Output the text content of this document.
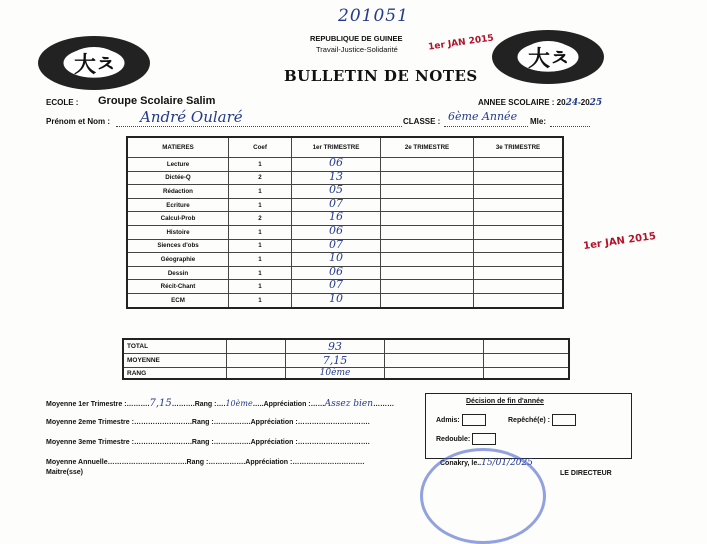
201051
大ㅊ	大ㅊ
REPUBLIQUE DE GUINEE
Travail-Justice-Solidarité	1er JAN 2015
1er JAN 2015
BULLETIN DE NOTES
ECOLE : Groupe Scolaire Salim	ANNEE SCOLAIRE : 2024-2025
Prénom et Nom : André Oularé	CLASSE : 6ème Année Mle:
MATIERES	Coef	1er TRIMESTRE	2e TRIMESTRE	3e TRIMESTRE
Lecture	1	06		

Dictée-Q	2	13		

Rédaction	1	05		

Ecriture	1	07		

Calcul-Prob	2	16		

Histoire	1	06		

Siences d'obs	1	07		

Géographie	1	10		

Dessin	1	06		

Récit-Chant	1	07		

ECM	1	10		

TOTAL		93		
MOYENNE		7,15		
RANG		10ème		
Moyenne 1er Trimestre :……….7,15……….Rang :….10ème…..Appréciation :……Assez bien………
Moyenne 2eme Trimestre :…………………….Rang :…………….Appréciation :………………………….
Moyenne 3eme Trimestre :…………………….Rang :…………….Appréciation :………………………….
Moyenne Annuelle…………………………….Rang :…………….Appréciation :………………………….
Maitre(sse)
Décision de fin d'année
Admis:	Repêché(e) :
Redouble:
Conakry, le..15/01/2025
LE DIRECTEUR
